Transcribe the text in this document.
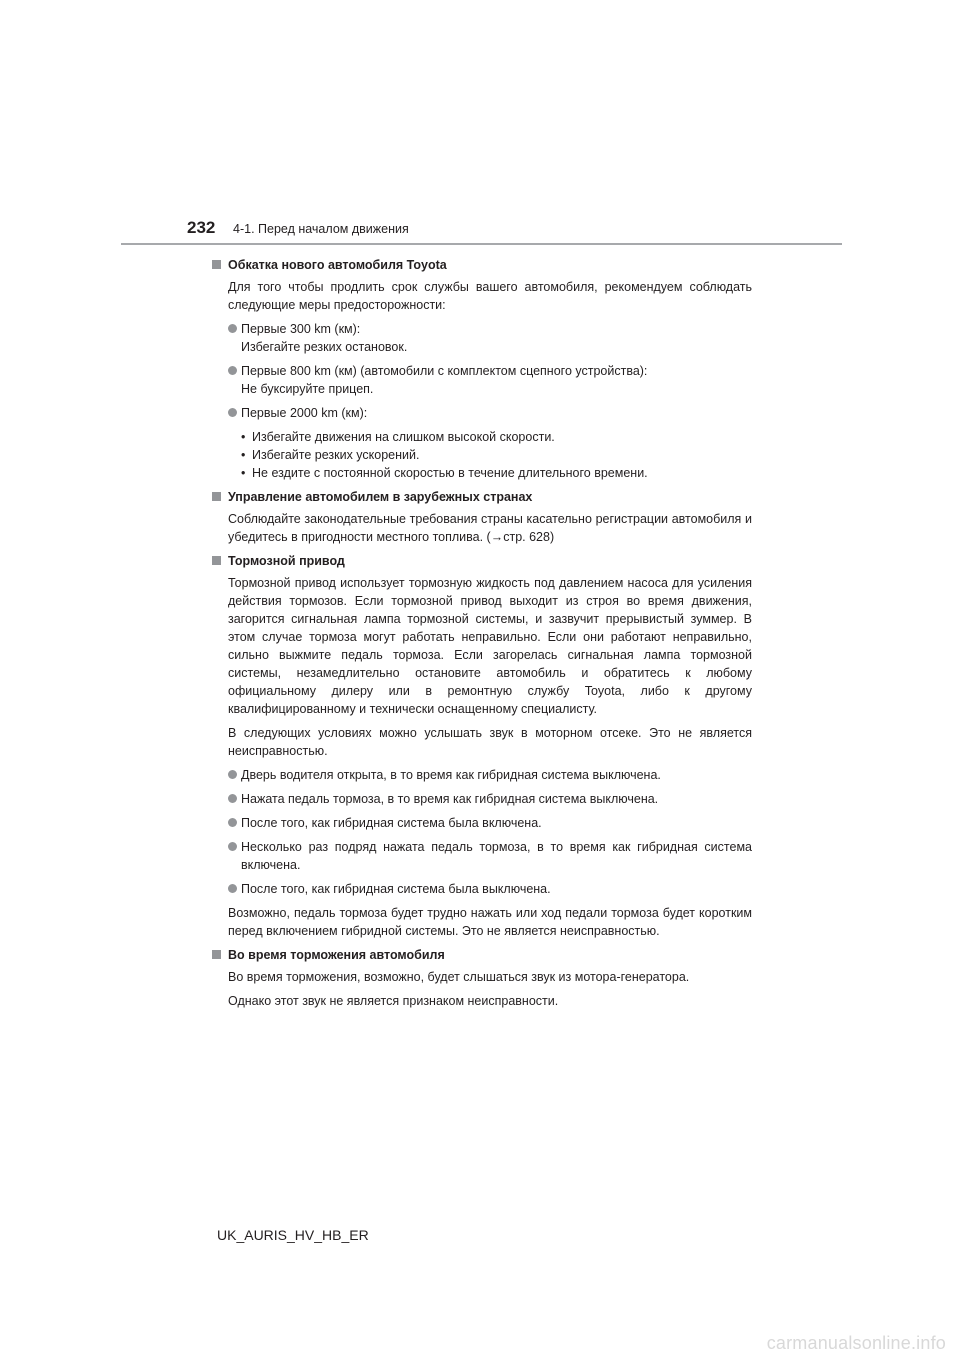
232 4-1. Перед началом движения
Обкатка нового автомобиля Toyota

Для того чтобы продлить срок службы вашего автомобиля, рекомендуем соблюдать следующие меры предосторожности:

Первые 300 km (км):
Избегайте резких остановок.
Первые 800 km (км) (автомобили с комплектом сцепного устройства):
Не буксируйте прицеп.
Первые 2000 km (км):
• Избегайте движения на слишком высокой скорости.
• Избегайте резких ускорений.
• Не ездите с постоянной скоростью в течение длительного времени.
Управление автомобилем в зарубежных странах

Соблюдайте законодательные требования страны касательно регистрации автомобиля и убедитесь в пригодности местного топлива. (→стр. 628)

Тормозной привод

Тормозной привод использует тормозную жидкость под давлением насоса для усиления действия тормозов. Если тормозной привод выходит из строя во время движения, загорится сигнальная лампа тормозной системы, и зазвучит прерывистый зуммер. В этом случае тормоза могут работать неправильно. Если они работают неправильно, сильно выжмите педаль тормоза. Если загорелась сигнальная лампа тормозной системы, незамедлительно остановите автомобиль и обратитесь к любому официальному дилеру или в ремонтную службу Toyota, либо к другому квалифицированному и технически оснащенному специалисту.

В следующих условиях можно услышать звук в моторном отсеке. Это не является неисправностью.

Дверь водителя открыта, в то время как гибридная система выключена.
Нажата педаль тормоза, в то время как гибридная система выключена.
После того, как гибридная система была включена.
Несколько раз подряд нажата педаль тормоза, в то время как гибридная система включена.
После того, как гибридная система была выключена.

Возможно, педаль тормоза будет трудно нажать или ход педали тормоза будет коротким перед включением гибридной системы. Это не является неисправностью.

Во время торможения автомобиля

Во время торможения, возможно, будет слышаться звук из мотора-генератора.

Однако этот звук не является признаком неисправности.

UK_AURIS_HV_HB_ER
carmanualsonline.info
